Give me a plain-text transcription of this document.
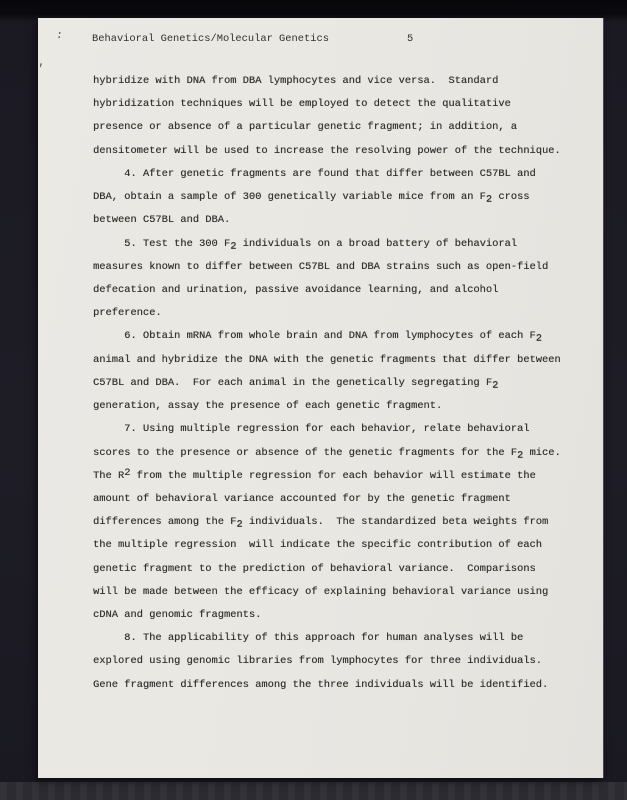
:
,

Behavioral Genetics/Molecular Genetics

	5

hybridize with DNA from DBA lymphocytes and vice versa.  Standard
hybridization techniques will be employed to detect the qualitative
presence or absence of a particular genetic fragment; in addition, a
densitometer will be used to increase the resolving power of the technique.
4. After genetic fragments are found that differ between C57BL and
DBA, obtain a sample of 300 genetically variable mice from an F2 cross
between C57BL and DBA.
5. Test the 300 F2 individuals on a broad battery of behavioral
measures known to differ between C57BL and DBA strains such as open-field
defecation and urination, passive avoidance learning, and alcohol
preference.
6. Obtain mRNA from whole brain and DNA from lymphocytes of each F2
animal and hybridize the DNA with the genetic fragments that differ between
C57BL and DBA.  For each animal in the genetically segregating F2
generation, assay the presence of each genetic fragment.
7. Using multiple regression for each behavior, relate behavioral
scores to the presence or absence of the genetic fragments for the F2 mice.
The R2 from the multiple regression for each behavior will estimate the
amount of behavioral variance accounted for by the genetic fragment
differences among the F2 individuals.  The standardized beta weights from
the multiple regression  will indicate the specific contribution of each
genetic fragment to the prediction of behavioral variance.  Comparisons
will be made between the efficacy of explaining behavioral variance using
cDNA and genomic fragments.
8. The applicability of this approach for human analyses will be
explored using genomic libraries from lymphocytes for three individuals.
Gene fragment differences among the three individuals will be identified.
